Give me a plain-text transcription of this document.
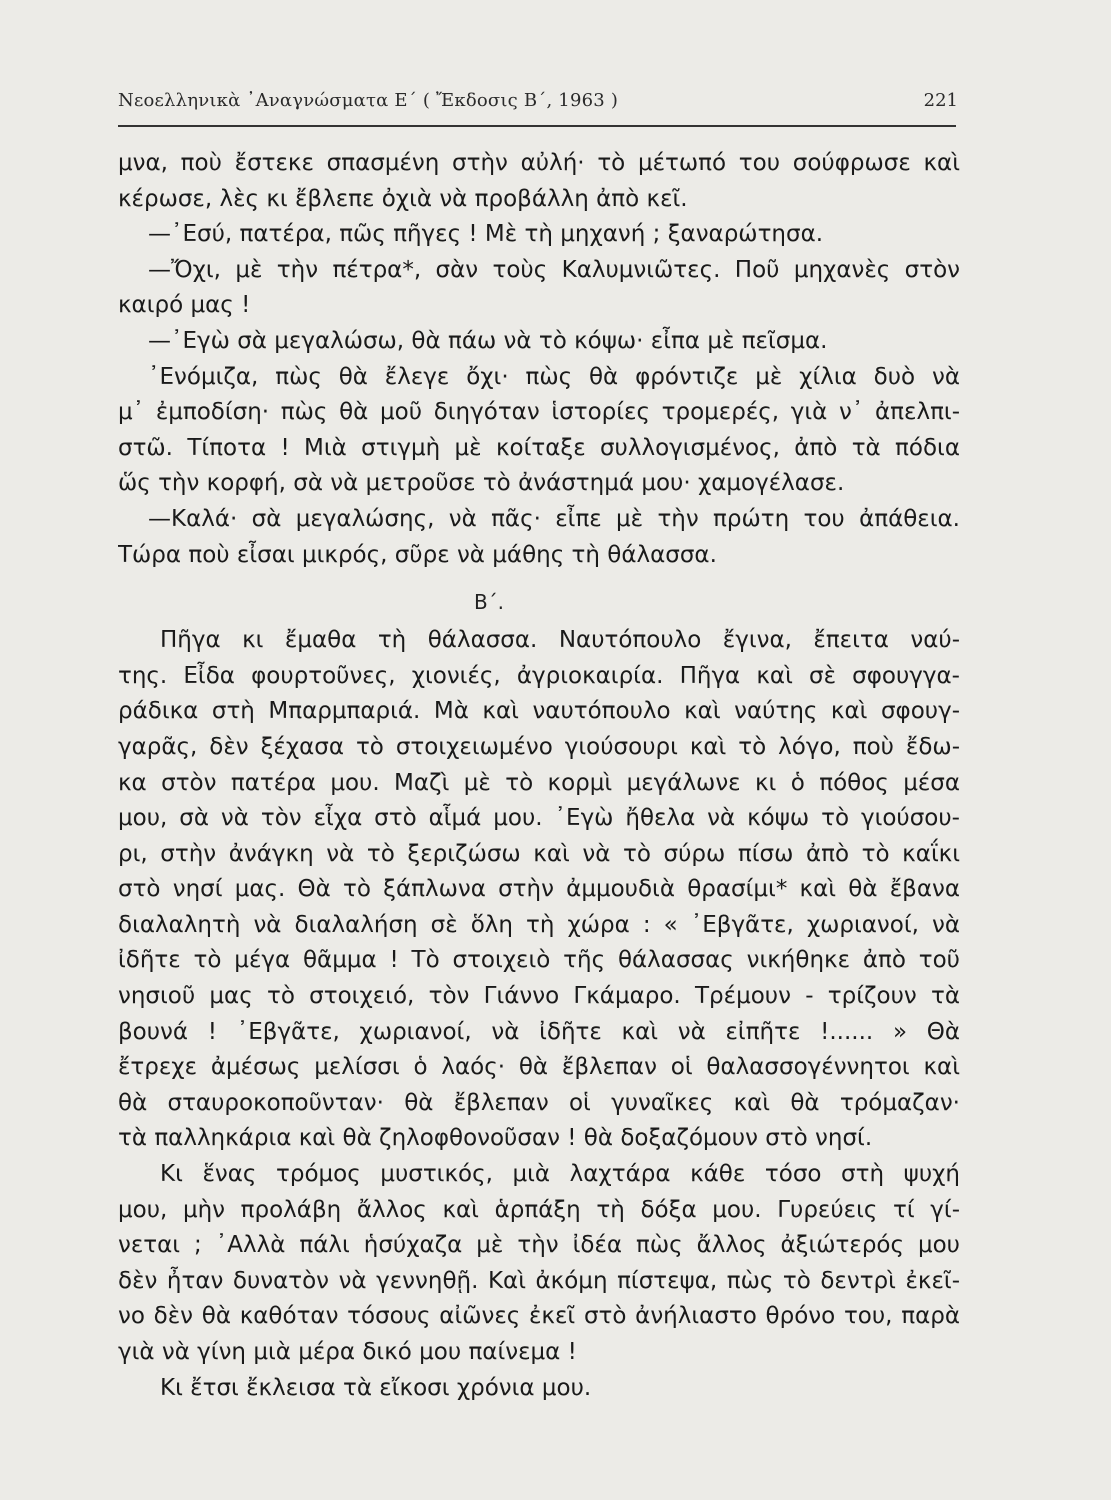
Νεοελληνικὰ ᾿Αναγνώσματα Ε΄ ( Ἔκδοσις Β΄, 1963 )	221
μνα, ποὺ ἔστεκε σπασμένη στὴν αὐλή· τὸ μέτωπό του σούφρωσε καὶ
κέρωσε, λὲς κι ἔβλεπε ὀχιὰ νὰ προβάλλη ἀπὸ κεῖ.
—᾿Εσύ, πατέρα, πῶς πῆγες ! Μὲ τὴ μηχανή ; ξαναρώτησα.
—Ὄχι, μὲ τὴν πέτρα*, σὰν τοὺς Καλυμνιῶτες. Ποῦ μηχανὲς στὸν
καιρό μας !
—᾿Εγὼ σὰ μεγαλώσω, θὰ πάω νὰ τὸ κόψω· εἶπα μὲ πεῖσμα.
᾿Ενόμιζα, πὼς θὰ ἔλεγε ὄχι· πὼς θὰ φρόντιζε μὲ χίλια δυὸ νὰ
μ᾿ ἐμποδίση· πὼς θὰ μοῦ διηγόταν ἱστορίες τρομερές, γιὰ ν᾿ ἀπελπι-
στῶ. Τίποτα ! Μιὰ στιγμὴ μὲ κοίταξε συλλογισμένος, ἀπὸ τὰ πόδια
ὥς τὴν κορφή, σὰ νὰ μετροῦσε τὸ ἀνάστημά μου· χαμογέλασε.
—Καλά· σὰ μεγαλώσης, νὰ πᾶς· εἶπε μὲ τὴν πρώτη του ἀπάθεια.
Τώρα ποὺ εἶσαι μικρός, σῦρε νὰ μάθης τὴ θάλασσα.
Β΄.
Πῆγα κι ἔμαθα τὴ θάλασσα. Ναυτόπουλο ἔγινα, ἔπειτα ναύ-
της. Εἶδα φουρτοῦνες, χιονιές, ἀγριοκαιρία. Πῆγα καὶ σὲ σφουγγα-
ράδικα στὴ Μπαρμπαριά. Μὰ καὶ ναυτόπουλο καὶ ναύτης καὶ σφουγ-
γαρᾶς, δὲν ξέχασα τὸ στοιχειωμένο γιούσουρι καὶ τὸ λόγο, ποὺ ἔδω-
κα στὸν πατέρα μου. Μαζὶ μὲ τὸ κορμὶ μεγάλωνε κι ὁ πόθος μέσα
μου, σὰ νὰ τὸν εἶχα στὸ αἷμά μου. ᾿Εγὼ ἤθελα νὰ κόψω τὸ γιούσου-
ρι, στὴν ἀνάγκη νὰ τὸ ξεριζώσω καὶ νὰ τὸ σύρω πίσω ἀπὸ τὸ καΐκι
στὸ νησί μας. Θὰ τὸ ξάπλωνα στὴν ἀμμουδιὰ θρασίμι* καὶ θὰ ἔβανα
διαλαλητὴ νὰ διαλαλήση σὲ ὅλη τὴ χώρα : « ᾿Εβγᾶτε, χωριανοί, νὰ
ἰδῆτε τὸ μέγα θᾶμμα ! Τὸ στοιχειὸ τῆς θάλασσας νικήθηκε ἀπὸ τοῦ
νησιοῦ μας τὸ στοιχειό, τὸν Γιάννο Γκάμαρο. Τρέμουν - τρίζουν τὰ
βουνά ! ᾿Εβγᾶτε, χωριανοί, νὰ ἰδῆτε καὶ νὰ εἰπῆτε !...... » Θὰ
ἔτρεχε ἀμέσως μελίσσι ὁ λαός· θὰ ἔβλεπαν οἱ θαλασσογέννητοι καὶ
θὰ σταυροκοποῦνταν· θὰ ἔβλεπαν οἱ γυναῖκες καὶ θὰ τρόμαζαν·
τὰ παλληκάρια καὶ θὰ ζηλοφθονοῦσαν ! θὰ δοξαζόμουν στὸ νησί.
Κι ἕνας τρόμος μυστικός, μιὰ λαχτάρα κάθε τόσο στὴ ψυχή
μου, μὴν προλάβη ἄλλος καὶ ἁρπάξη τὴ δόξα μου. Γυρεύεις τί γί-
νεται ; ᾿Αλλὰ πάλι ἡσύχαζα μὲ τὴν ἰδέα πὼς ἄλλος ἀξιώτερός μου
δὲν ἦταν δυνατὸν νὰ γεννηθῇ. Καὶ ἀκόμη πίστεψα, πὼς τὸ δεντρὶ ἐκεῖ-
νο δὲν θὰ καθόταν τόσους αἰῶνες ἐκεῖ στὸ ἀνήλιαστο θρόνο του, παρὰ
γιὰ νὰ γίνη μιὰ μέρα δικό μου παίνεμα !
Κι ἔτσι ἔκλεισα τὰ εἴκοσι χρόνια μου.
